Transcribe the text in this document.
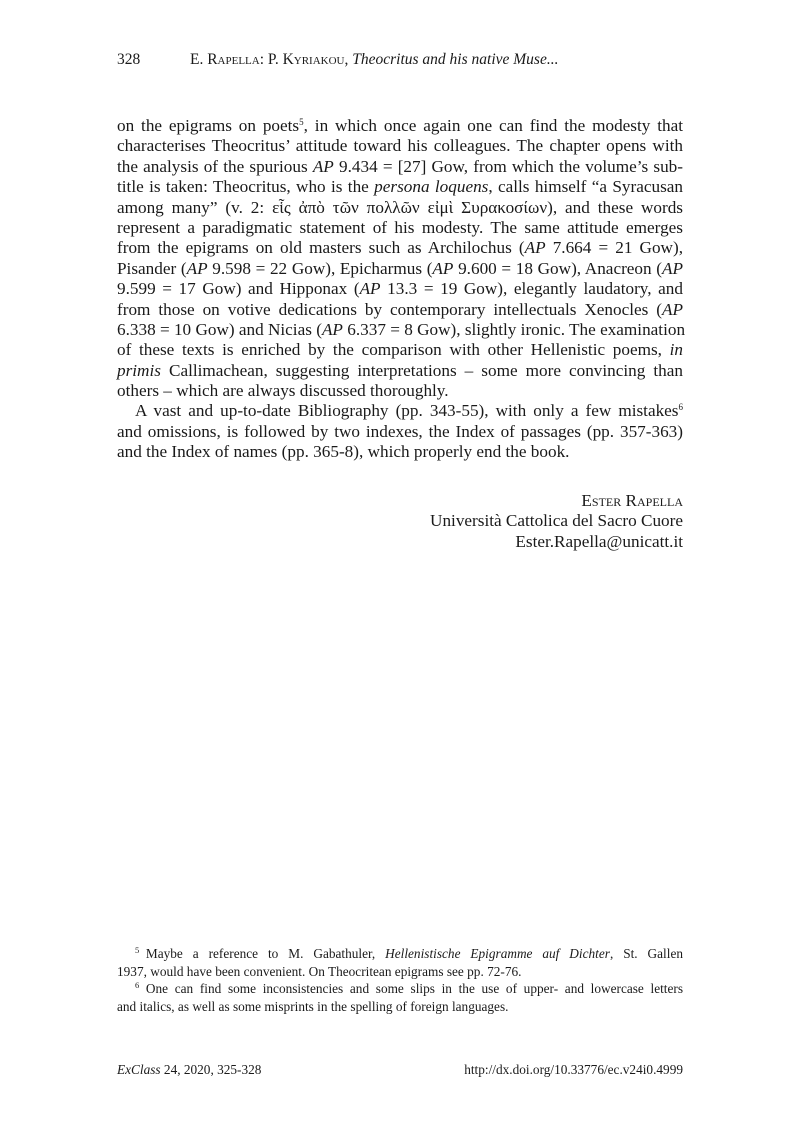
328	E. Rapella: P. Kyriakou, Theocritus and his native Muse...
on the epigrams on poets$^5$, in which once again one can find the modesty that
characterises Theocritus’ attitude toward his colleagues. The chapter opens with
the analysis of the spurious AP 9.434 = [27] Gow, from which the volume’s sub-
title is taken: Theocritus, who is the persona loquens, calls himself “a Syracusan
among many” (v. 2: εἷς ἀπὸ τῶν πολλῶν εἰμὶ Συρακοσίων), and these words
represent a paradigmatic statement of his modesty. The same attitude emerges
from the epigrams on old masters such as Archilochus (AP 7.664 = 21 Gow),
Pisander (AP 9.598 = 22 Gow), Epicharmus (AP 9.600 = 18 Gow), Anacreon (AP
9.599 = 17 Gow) and Hipponax (AP 13.3 = 19 Gow), elegantly laudatory, and
from those on votive dedications by contemporary intellectuals Xenocles (AP
6.338 = 10 Gow) and Nicias (AP 6.337 = 8 Gow), slightly ironic. The examination
of these texts is enriched by the comparison with other Hellenistic poems, in
primis Callimachean, suggesting interpretations – some more convincing than
others – which are always discussed thoroughly.
A vast and up-to-date Bibliography (pp. 343-55), with only a few mistakes$^6$
and omissions, is followed by two indexes, the Index of passages (pp. 357-363)
and the Index of names (pp. 365-8), which properly end the book.
Ester Rapella
Università Cattolica del Sacro Cuore
Ester.Rapella@unicatt.it
$^5$  Maybe a reference to M. Gabathuler, Hellenistische Epigramme auf Dichter, St. Gallen
1937, would have been convenient. On Theocritean epigrams see pp. 72-76.
$^6$  One can find some inconsistencies and some slips in the use of upper- and lowercase letters
and italics, as well as some misprints in the spelling of foreign languages.
ExClass 24, 2020, 325-328	http://dx.doi.org/10.33776/ec.v24i0.4999
